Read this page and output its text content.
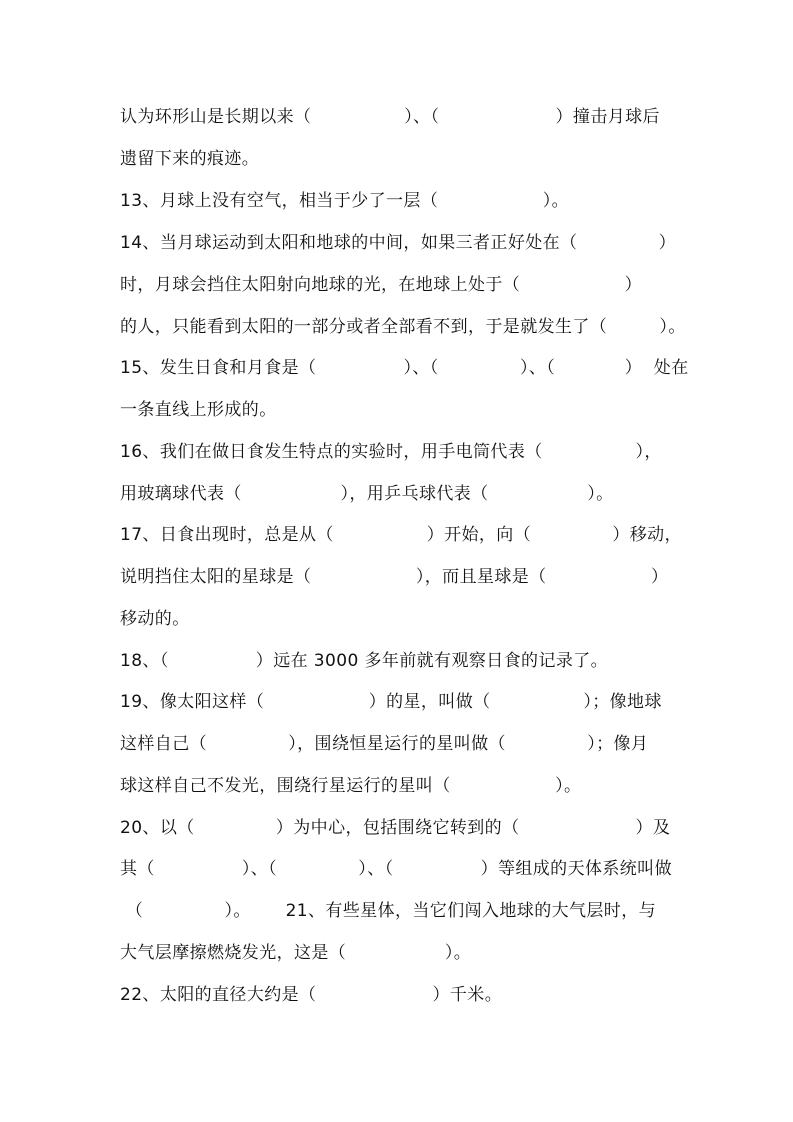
认为环形山是长期以来（                ）、（                    ）撞击月球后
遗留下来的痕迹。
13、月球上没有空气，相当于少了一层（                  ）。
14、当月球运动到太阳和地球的中间，如果三者正好处在（              ）
时，月球会挡住太阳射向地球的光，在地球上处于（                  ）
的人，只能看到太阳的一部分或者全部看不到，于是就发生了（         ）。
15、发生日食和月食是（               ）、（              ）、（            ）  处在
一条直线上形成的。
16、我们在做日食发生特点的实验时，用手电筒代表（                ），
用玻璃球代表（                 ），用乒乓球代表（                 ）。
17、日食出现时，总是从（                ）开始，向（              ）移动，
说明挡住太阳的星球是（                  ），而且星球是（                  ）
移动的。
18、（               ）远在 3000 多年前就有观察日食的记录了。
19、像太阳这样（                  ）的星，叫做（                ）；像地球
这样自己（              ），围绕恒星运行的星叫做（              ）；像月
球这样自己不发光，围绕行星运行的星叫（                  ）。
20、以（              ）为中心，包括围绕它转到的（                    ）及
其（               ）、（              ）、（               ）等组成的天体系统叫做
（              ）。      21、有些星体，当它们闯入地球的大气层时，与
大气层摩擦燃烧发光，这是（                 ）。
22、太阳的直径大约是（                    ）千米。
